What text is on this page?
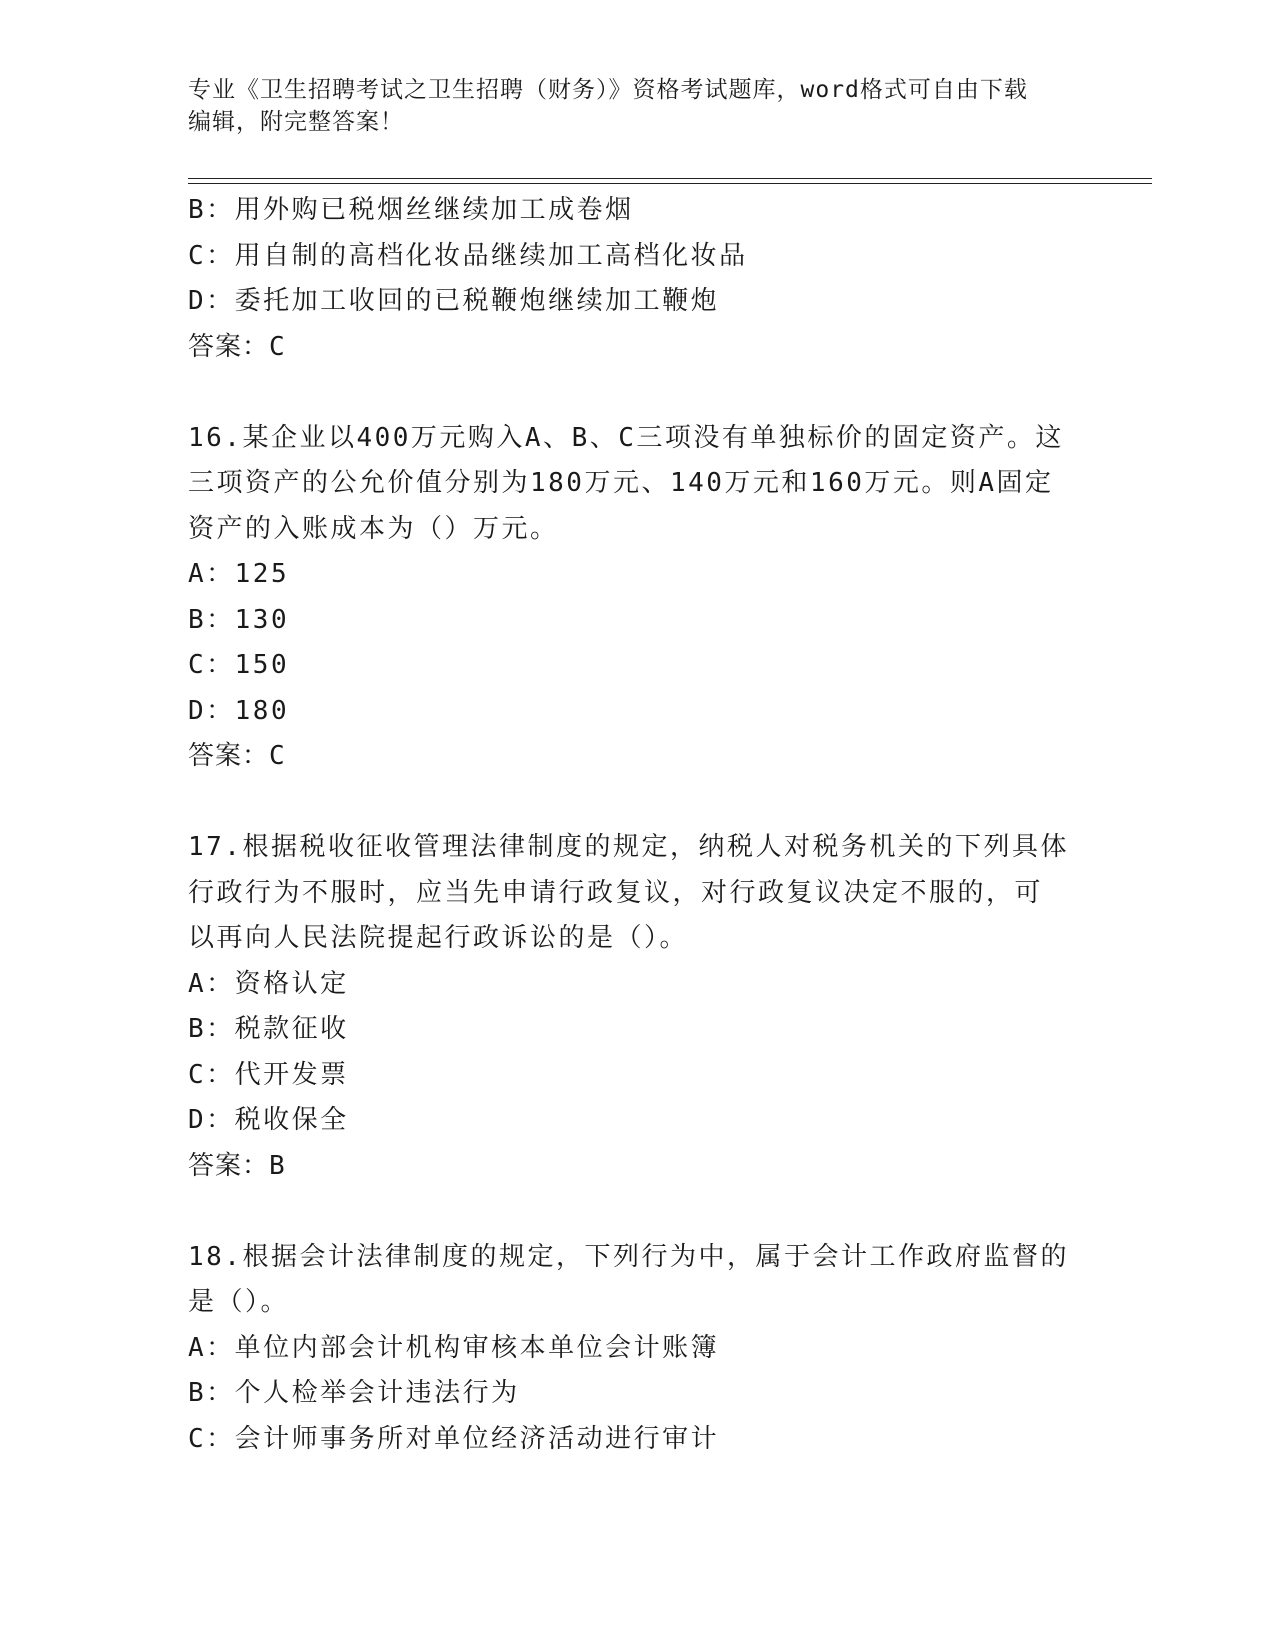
专业《卫生招聘考试之卫生招聘（财务）》资格考试题库，word格式可自由下载
编辑，附完整答案！
B：用外购已税烟丝继续加工成卷烟
C：用自制的高档化妆品继续加工高档化妆品
D：委托加工收回的已税鞭炮继续加工鞭炮
答案：C
16.某企业以400万元购入A、B、C三项没有单独标价的固定资产。这
三项资产的公允价值分别为180万元、140万元和160万元。则A固定
资产的入账成本为（）万元。
A：125
B：130
C：150
D：180
答案：C
17.根据税收征收管理法律制度的规定，纳税人对税务机关的下列具体
行政行为不服时，应当先申请行政复议，对行政复议决定不服的，可
以再向人民法院提起行政诉讼的是（）。
A：资格认定
B：税款征收
C：代开发票
D：税收保全
答案：B
18.根据会计法律制度的规定，下列行为中，属于会计工作政府监督的
是（）。
A：单位内部会计机构审核本单位会计账簿
B：个人检举会计违法行为
C：会计师事务所对单位经济活动进行审计
